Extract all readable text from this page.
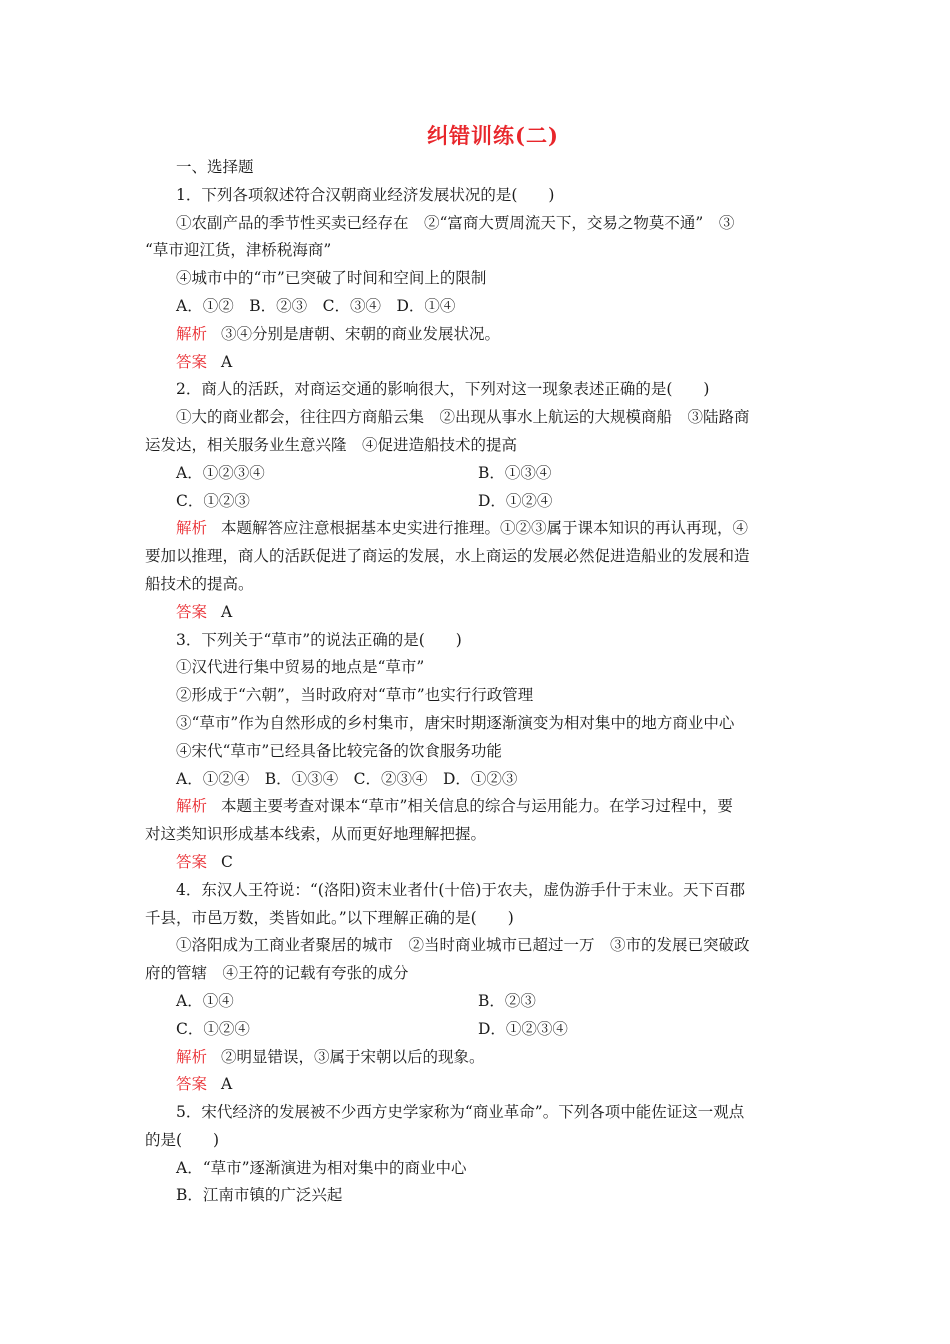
纠错训练(二)
一、选择题
1．下列各项叙述符合汉朝商业经济发展状况的是(　　)
①农副产品的季节性买卖已经存在　②“富商大贾周流天下，交易之物莫不通”　③
“草市迎江货，津桥税海商”
④城市中的“市”已突破了时间和空间上的限制
A．①②　B．②③　C．③④　D．①④
解析 ③④分别是唐朝、宋朝的商业发展状况。
答案 A
2．商人的活跃，对商运交通的影响很大，下列对这一现象表述正确的是(　　)
①大的商业都会，往往四方商船云集　②出现从事水上航运的大规模商船　③陆路商
运发达，相关服务业生意兴隆　④促进造船技术的提高
A．①②③④	B．①③④
C．①②③	D．①②④
解析 本题解答应注意根据基本史实进行推理。①②③属于课本知识的再认再现，④
要加以推理，商人的活跃促进了商运的发展，水上商运的发展必然促进造船业的发展和造
船技术的提高。
答案 A
3．下列关于“草市”的说法正确的是(　　)
①汉代进行集中贸易的地点是“草市”
②形成于“六朝”，当时政府对“草市”也实行行政管理
③“草市”作为自然形成的乡村集市，唐宋时期逐渐演变为相对集中的地方商业中心
④宋代“草市”已经具备比较完备的饮食服务功能
A．①②④　B．①③④　C．②③④　D．①②③
解析 本题主要考查对课本“草市”相关信息的综合与运用能力。在学习过程中，要
对这类知识形成基本线索，从而更好地理解把握。
答案 C
4．东汉人王符说：“(洛阳)资末业者什(十倍)于农夫，虚伪游手什于末业。天下百郡
千县，市邑万数，类皆如此。”以下理解正确的是(　　)
①洛阳成为工商业者聚居的城市　②当时商业城市已超过一万　③市的发展已突破政
府的管辖　④王符的记载有夸张的成分
A．①④	B．②③
C．①②④	D．①②③④
解析 ②明显错误，③属于宋朝以后的现象。
答案 A
5．宋代经济的发展被不少西方史学家称为“商业革命”。下列各项中能佐证这一观点
的是(　　)
A．“草市”逐渐演进为相对集中的商业中心
B．江南市镇的广泛兴起
